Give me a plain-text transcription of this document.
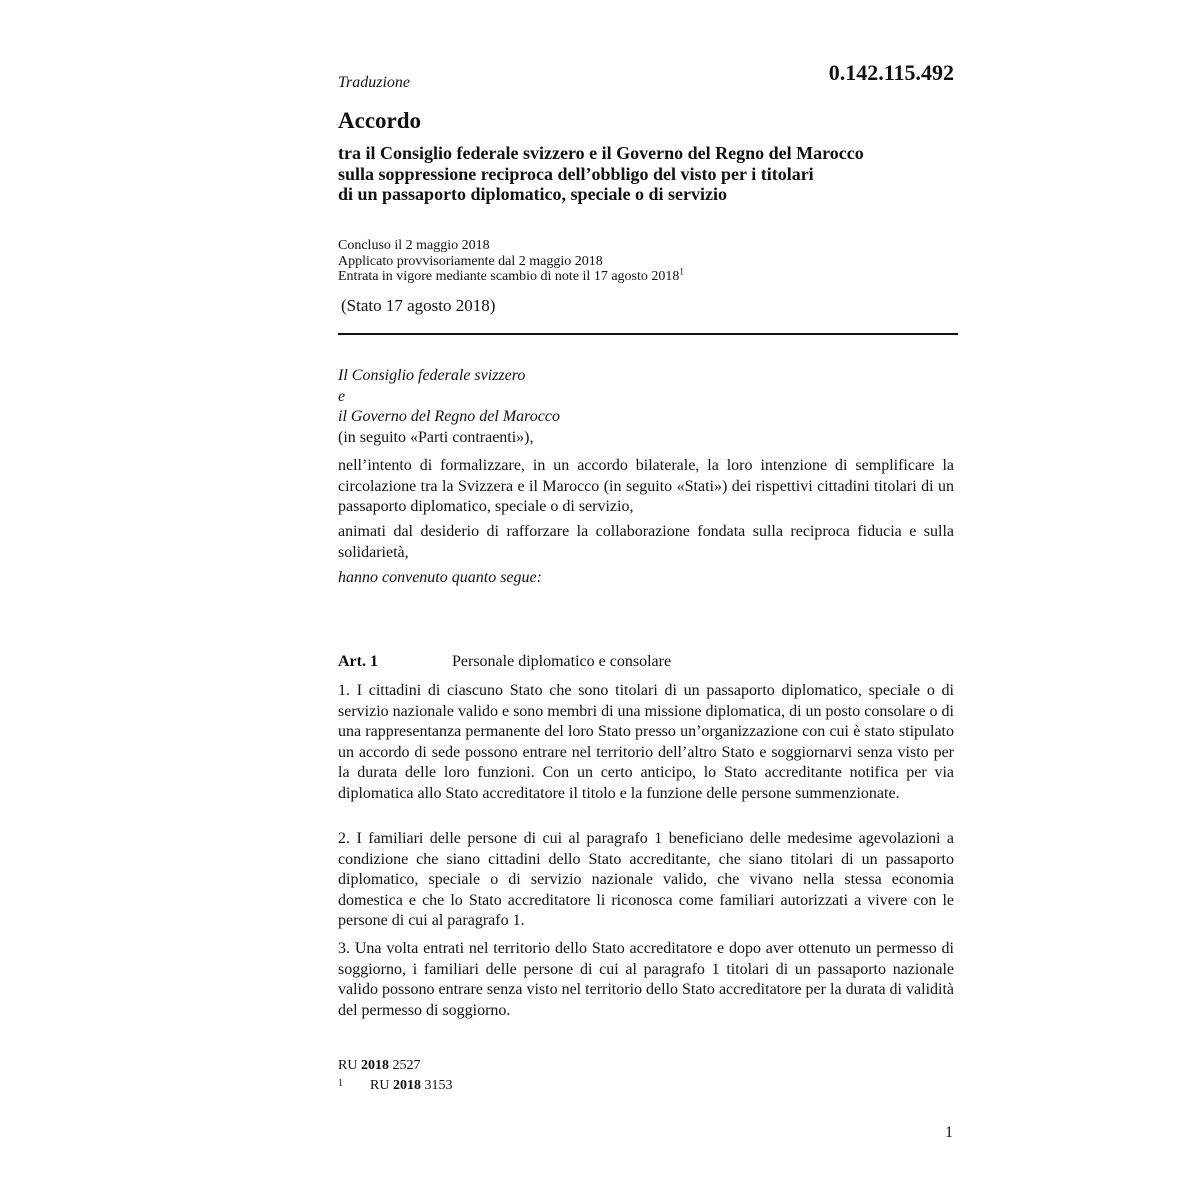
Traduzione	0.142.115.492
Accordo
tra il Consiglio federale svizzero e il Governo del Regno del Marocco
sulla soppressione reciproca dell’obbligo del visto per i titolari
di un passaporto diplomatico, speciale o di servizio
Concluso il 2 maggio 2018
Applicato provvisoriamente dal 2 maggio 2018
Entrata in vigore mediante scambio di note il 17 agosto 2018$^1$
(Stato 17 agosto 2018)
Il Consiglio federale svizzero
e
il Governo del Regno del Marocco
(in seguito «Parti contraenti»),
nell’intento di formalizzare, in un accordo bilaterale, la loro intenzione di semplificare la circolazione tra la Svizzera e il Marocco (in seguito «Stati») dei rispettivi cittadini titolari di un passaporto diplomatico, speciale o di servizio,
animati dal desiderio di rafforzare la collaborazione fondata sulla reciproca fiducia e sulla solidarietà,
hanno convenuto quanto segue:
Art. 1	Personale diplomatico e consolare
1. I cittadini di ciascuno Stato che sono titolari di un passaporto diplomatico, speciale o di servizio nazionale valido e sono membri di una missione diplomatica, di un posto consolare o di una rappresentanza permanente del loro Stato presso un’organizzazione con cui è stato stipulato un accordo di sede possono entrare nel territorio dell’altro Stato e soggiornarvi senza visto per la durata delle loro funzioni. Con un certo anticipo, lo Stato accreditante notifica per via diplomatica allo Stato accreditatore il titolo e la funzione delle persone summenzionate.
2. I familiari delle persone di cui al paragrafo 1 beneficiano delle medesime agevolazioni a condizione che siano cittadini dello Stato accreditante, che siano titolari di un passaporto diplomatico, speciale o di servizio nazionale valido, che vivano nella stessa economia domestica e che lo Stato accreditatore li riconosca come familiari autorizzati a vivere con le persone di cui al paragrafo 1.
3. Una volta entrati nel territorio dello Stato accreditatore e dopo aver ottenuto un permesso di soggiorno, i familiari delle persone di cui al paragrafo 1 titolari di un passaporto nazionale valido possono entrare senza visto nel territorio dello Stato accreditatore per la durata di validità del permesso di soggiorno.
RU 2018 2527
1 RU 2018 3153
1
